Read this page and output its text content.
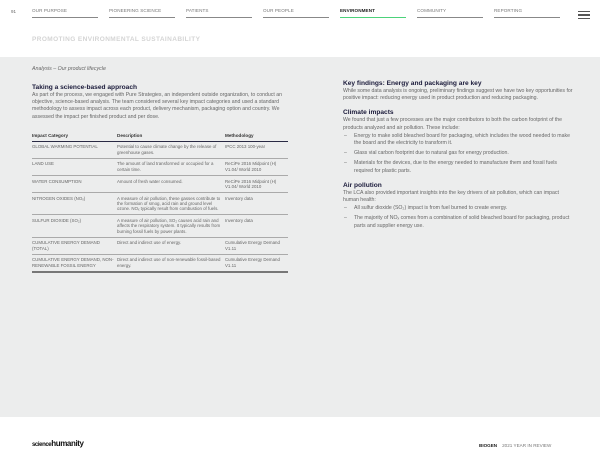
91	OUR PURPOSE	PIONEERING SCIENCE	PATIENTS	OUR PEOPLE	ENVIRONMENT	COMMUNITY	REPORTING
PROMOTING ENVIRONMENTAL SUSTAINABILITY
Analysis – Our product lifecycle
Taking a science-based approach

As part of the process, we engaged with Pure Strategies, an independent outside organization, to conduct an objective, science-based analysis. The team considered several key impact categories and used a standard methodology to assess impact across each product, delivery mechanism, packaging option and country. We assessed the impact per finished product and per dose.

Impact Category	Description	Methodology
GLOBAL WARMING POTENTIAL	Potential to cause climate change by the release of greenhouse gases.	IPCC 2013 100-year
LAND USE	The amount of land transformed or occupied for a certain time.	ReCiPe 2016 Midpoint (H) V1.04/ World 2010
WATER CONSUMPTION	Amount of fresh water consumed.	ReCiPe 2016 Midpoint (H) V1.04/ World 2010
NITROGEN OXIDES (NOₓ)	A measure of air pollution, these gasses contribute to the formation of smog, acid rain and ground level ozone. NOₓ typically result from combustion of fuels.	Inventory data
SULFUR DIOXIDE (SO₂)	A measure of air pollution, SO₂ causes acid rain and affects the respiratory system. It typically results from burning fossil fuels by power plants.	Inventory data
CUMULATIVE ENERGY DEMAND (TOTAL)	Direct and indirect use of energy.	Cumulative Energy Demand V1.11
CUMULATIVE ENERGY DEMAND, NON-RENEWABLE FOSSIL ENERGY	Direct and indirect use of non-renewable fossil-based energy.	Cumulative Energy Demand V1.11
Key findings: Energy and packaging are key

While some data analysis is ongoing, preliminary findings suggest we have two key opportunities for positive impact: reducing energy used in product production and reducing packaging.

Climate impacts

We found that just a few processes are the major contributors to both the carbon footprint of the products analyzed and air pollution. These include:

– Energy to make solid bleached board for packaging, which includes the wood needed to make the board and the electricity to transform it.
– Glass vial carbon footprint due to natural gas for energy production.
– Materials for the devices, due to the energy needed to manufacture them and fossil fuels required for plastic parts.
Air pollution

The LCA also provided important insights into the key drivers of air pollution, which can impact human health:

– All sulfur dioxide (SO₂) impact is from fuel burned to create energy.
– The majority of NOₓ comes from a combination of solid bleached board for packaging, product parts and supplier energy use.
sciencehumanity	BIOGEN 2021 YEAR IN REVIEW
